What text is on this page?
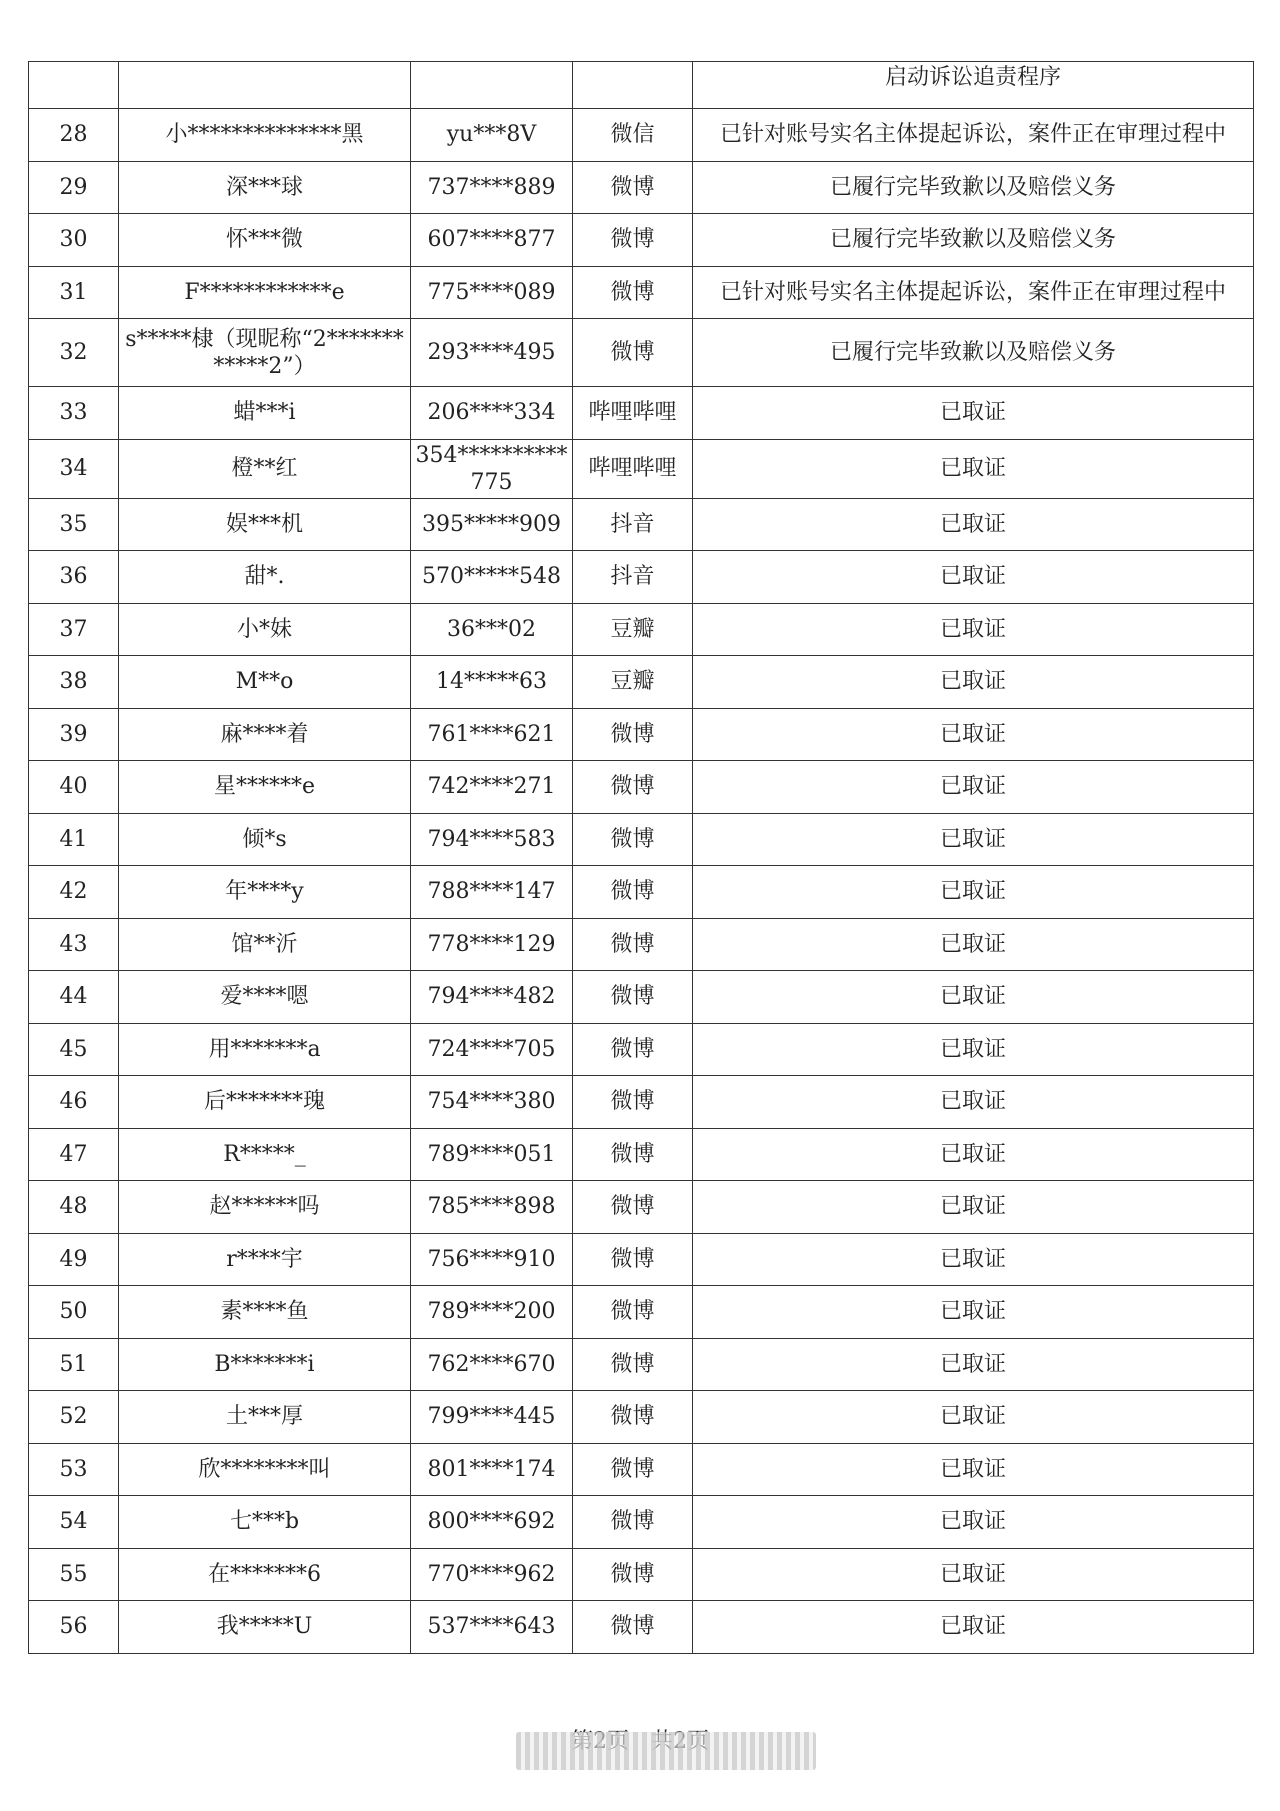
				启动诉讼追责程序
28	小**************黑	yu***8V	微信	已针对账号实名主体提起诉讼，案件正在审理过程中
29	深***球	737****889	微博	已履行完毕致歉以及赔偿义务
30	怀***微	607****877	微博	已履行完毕致歉以及赔偿义务
31	F************e	775****089	微博	已针对账号实名主体提起诉讼，案件正在审理过程中
32	s*****棣（现昵称“2************2”）	293****495	微博	已履行完毕致歉以及赔偿义务
33	蜡***i	206****334	哔哩哔哩	已取证
34	橙**红	354**********775	哔哩哔哩	已取证
35	娱***机	395*****909	抖音	已取证
36	甜*.	570*****548	抖音	已取证
37	小*妹	36***02	豆瓣	已取证
38	M**o	14*****63	豆瓣	已取证
39	麻****着	761****621	微博	已取证
40	星******e	742****271	微博	已取证
41	倾*s	794****583	微博	已取证
42	年****y	788****147	微博	已取证
43	馆**沂	778****129	微博	已取证
44	爱****嗯	794****482	微博	已取证
45	用*******a	724****705	微博	已取证
46	后*******瑰	754****380	微博	已取证
47	R*****_	789****051	微博	已取证
48	赵******吗	785****898	微博	已取证
49	r****宇	756****910	微博	已取证
50	素****鱼	789****200	微博	已取证
51	B*******i	762****670	微博	已取证
52	土***厚	799****445	微博	已取证
53	欣********叫	801****174	微博	已取证
54	七***b	800****692	微博	已取证
55	在*******6	770****962	微博	已取证
56	我*****U	537****643	微博	已取证
